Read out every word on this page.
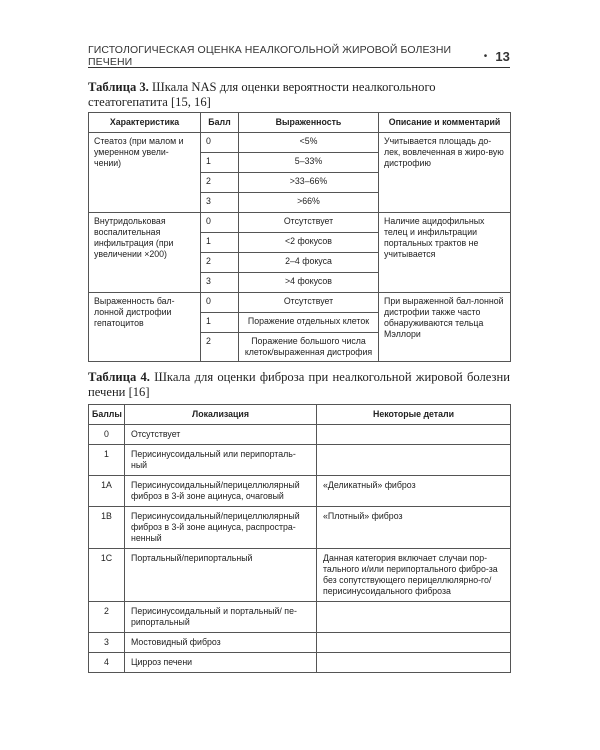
ГИСТОЛОГИЧЕСКАЯ ОЦЕНКА НЕАЛКОГОЛЬНОЙ ЖИРОВОЙ БОЛЕЗНИ ПЕЧЕНИ	• 13
Таблица 3. Шкала NAS для оценки вероятности неалкогольного стеатогепатита [15, 16]
Характеристика	Балл	Выраженность	Описание и комментарий
Стеатоз (при малом и умеренном увели-чении)	0	<5%	Учитывается площадь до-лек, вовлеченная в жиро-вую дистрофию
	1	5–33%	
	2	>33–66%	
	3	>66%	
Внутридольковая воспалительная инфильтрация (при увеличении ×200)	0	Отсутствует	Наличие ацидофильных телец и инфильтрации портальных трактов не учитывается
	1	<2 фокусов	
	2	2–4 фокуса	
	3	>4 фокусов	
Выраженность бал-лонной дистрофии гепатоцитов	0	Отсутствует	При выраженной бал-лонной дистрофии также часто обнаруживаются тельца Мэллори
	1	Поражение отдельных клеток	
	2	Поражение большого числа клеток/выраженная дистрофия	
Таблица 4. Шкала для оценки фиброза при неалкогольной жировой болезни печени [16]
Баллы	Локализация	Некоторые детали
0	Отсутствует	
1	Перисинусоидальный или перипорталь-ный	
1A	Перисинусоидальный/перицеллюлярный фиброз в 3-й зоне ацинуса, очаговый	«Деликатный» фиброз
1B	Перисинусоидальный/перицеллюлярный фиброз в 3-й зоне ацинуса, распростра-ненный	«Плотный» фиброз
1C	Портальный/перипортальный	Данная категория включает случаи пор-тального и/или перипортального фибро-за без сопутствующего перицеллюлярно-го/перисинусоидального фиброза
2	Перисинусоидальный и портальный/ пе-рипортальный	
3	Мостовидный фиброз	
4	Цирроз печени	
